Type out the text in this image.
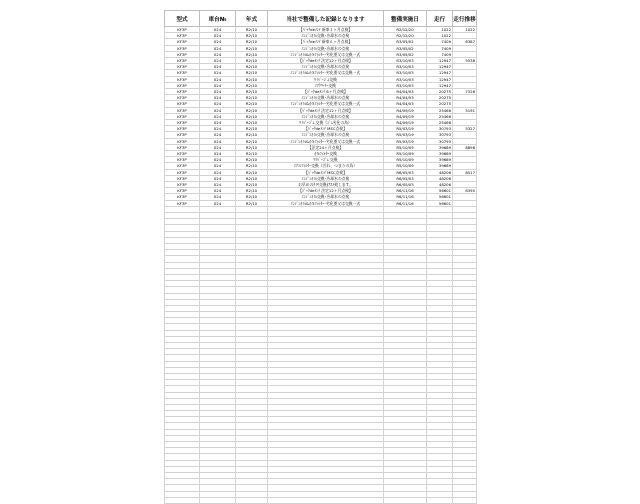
型式	車台№	年式	当社で整備した記録となります	整備実施日	走行	走行推移
KF3P	024	R2/10	【ﾊﾟｯｸdeﾒﾝﾃ 新車１ヶ月点検】	R2/12/20	1022	1022
KF3P	024	R2/10	ｴﾝｼﾞﾝｵｲﾙ交換･冷却水の点検	R2/12/20	1022	
KF3P	024	R2/10	【ﾊﾟｯｸdeﾒﾝﾃ 新車６ヶ月点検】	R3/05/02	7409	6387
KF3P	024	R2/10	ｴﾝｼﾞﾝｵｲﾙ交換･冷却水の点検	R3/05/02	7409	
KF3P	024	R2/10	ｴﾝｼﾞﾝｵｲﾙ&ｵｲﾙﾌｨﾙﾀｰ･劣化要又は交換一式	R3/05/02	7409	
KF3P	024	R2/10	【ﾊﾟｯｸdeﾒﾝﾃ 法定12ヶ月点検】	R3/10/03	12947	5538
KF3P	024	R2/10	ｴﾝｼﾞﾝｵｲﾙ交換･冷却水の点検	R3/10/03	12947	
KF3P	024	R2/10	ｴﾝｼﾞﾝｵｲﾙ&ｵｲﾙﾌｨﾙﾀｰ･劣化要又は交換一式	R3/10/03	12947	
KF3P	024	R2/10	ﾜｲﾊﾟｰｺﾞﾑ交換	R3/10/03	12947	
KF3P	024	R2/10	ｴｱｸﾘｰﾅｰ交換	R3/10/03	12947	
KF3P	024	R2/10	【ﾊﾟｯｸdeﾒﾝﾃ 6ヶ月点検】	R4/04/03	20275	7328
KF3P	024	R2/10	ｴﾝｼﾞﾝｵｲﾙ交換･冷却水の点検	R4/04/03	20275	
KF3P	024	R2/10	ｴﾝｼﾞﾝｵｲﾙ&ｵｲﾙﾌｨﾙﾀｰ･劣化要又は交換一式	R4/04/03	20275	
KF3P	024	R2/10	【ﾊﾟｯｸdeﾒﾝﾃ 法定12ヶ月点検】	R4/09/19	25466	5191
KF3P	024	R2/10	ｴﾝｼﾞﾝｵｲﾙ交換･冷却水の点検	R4/09/19	25466	
KF3P	024	R2/10	ﾜｲﾊﾟｰｺﾞﾑ 交換（ｺﾞﾑ劣化の為）	R4/09/19	25466	
KF3P	024	R2/10	【ﾊﾟｯｸdeﾒﾝﾃ MSC点検】	R5/03/19	30793	5327
KF3P	024	R2/10	ｴﾝｼﾞﾝｵｲﾙ交換･冷却水の点検	R5/03/19	30793	
KF3P	024	R2/10	ｴﾝｼﾞﾝｵｲﾙ&ｵｲﾙﾌｨﾙﾀｰ･劣化要又は交換一式	R5/03/19	30793	
KF3P	024	R2/10	【法定24ヶ月点検】	R5/10/09	39689	8896
KF3P	024	R2/10	ｵｲﾙﾌｨﾙﾀｰ交換	R5/10/09	39689	
KF3P	024	R2/10	ﾜｲﾊﾟｰｺﾞﾑ 交換	R5/10/09	39689	
KF3P	024	R2/10	ｴｱｺﾝﾌｨﾙﾀｰ交換（汚れ、つまりの為）	R5/10/09	39689	
KF3P	024	R2/10	【ﾊﾟｯｸdeﾒﾝﾃ MSC点検】	R6/05/03	48206	8517
KF3P	024	R2/10	ｴﾝｼﾞﾝｵｲﾙ交換･冷却水の点検	R6/05/03	48206	
KF3P	024	R2/10	お早めのﾀｲﾔ交換ｵｽｽﾒ致します。	R6/05/03	48206	
KF3P	024	R2/10	【ﾊﾟｯｸdeﾒﾝﾃ 法定12ヶ月点検】	R6/11/16	56601	8395
KF3P	024	R2/10	ｴﾝｼﾞﾝｵｲﾙ交換･冷却水の点検	R6/11/16	56601	
KF3P	024	R2/10	ｴﾝｼﾞﾝｵｲﾙ&ｵｲﾙﾌｨﾙﾀｰ･劣化要又は交換一式	R6/11/16	56601	
